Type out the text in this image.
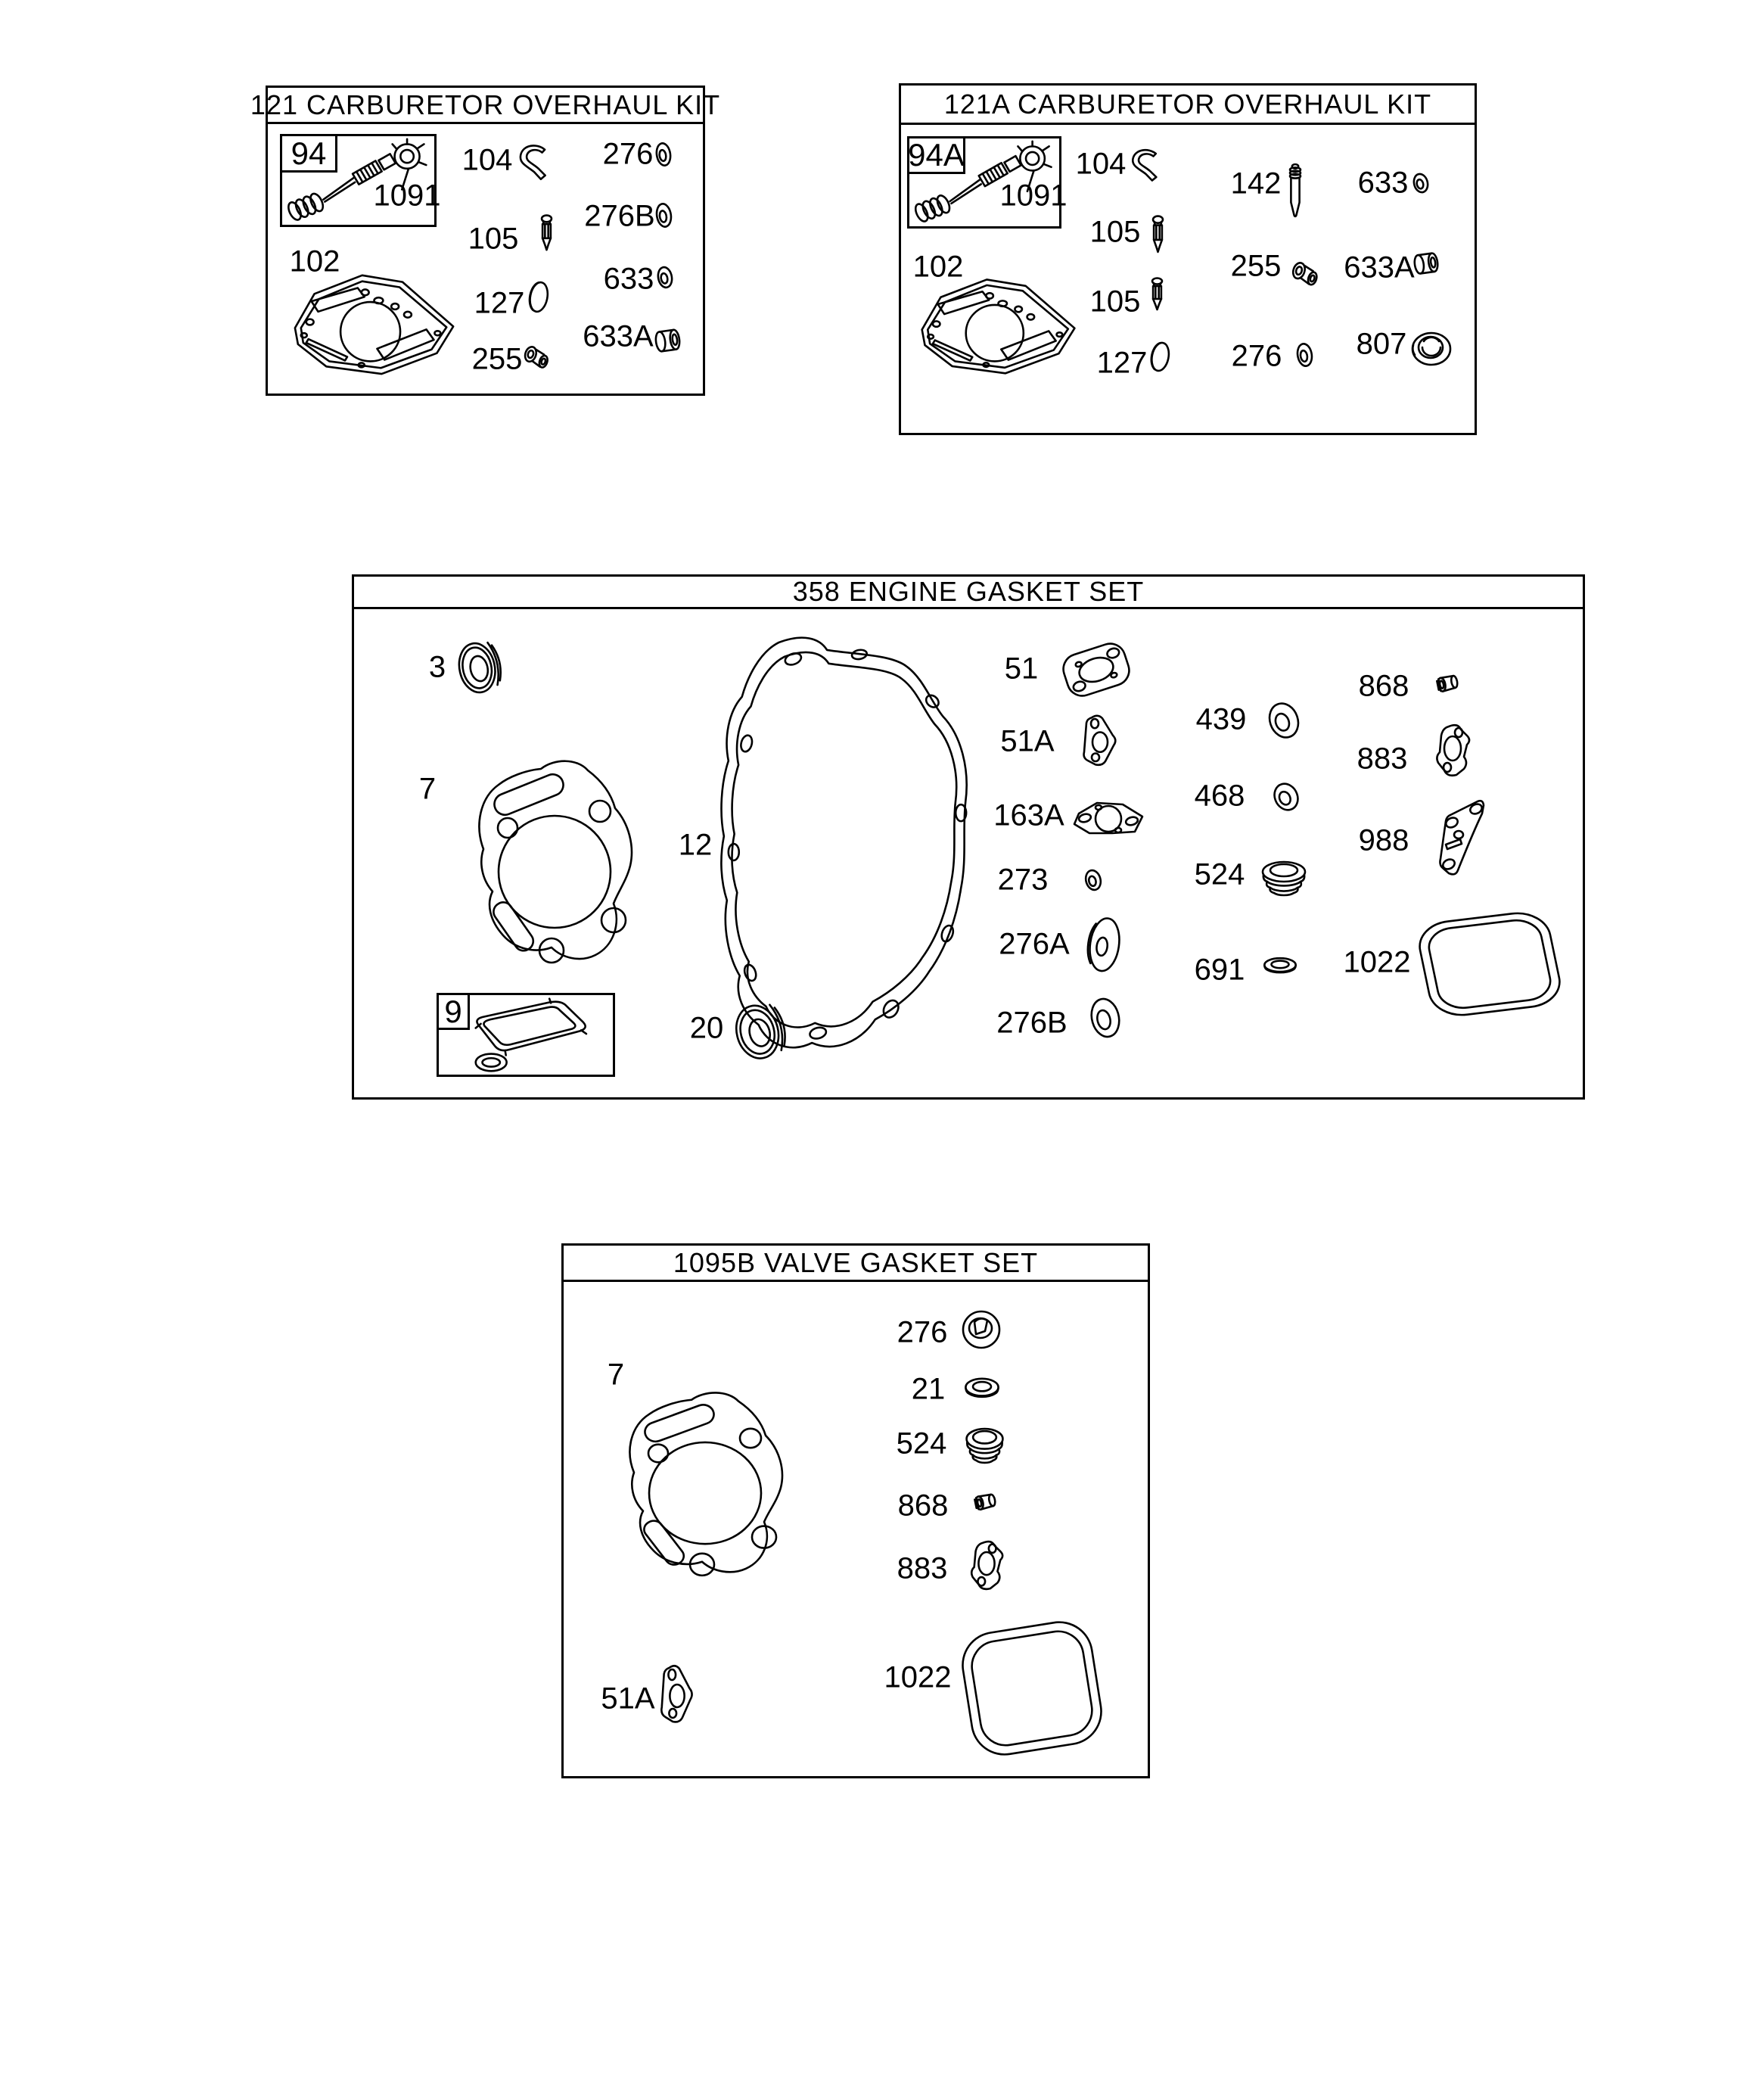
121 CARBURETOR OVERHAUL KIT
94
1091
102
104
105
127
255
276
276B
633
633A
121A CARBURETOR OVERHAUL KIT
94A
1091
102
104
105
105
127
142
255
276
633
633A
807
358 ENGINE GASKET SET
9
3
7
12
20
51
51A
163A
273
276A
276B
439
468
524
691
868
883
988
1022
1095B VALVE GASKET SET
7
51A
276
21
524
868
883
1022
